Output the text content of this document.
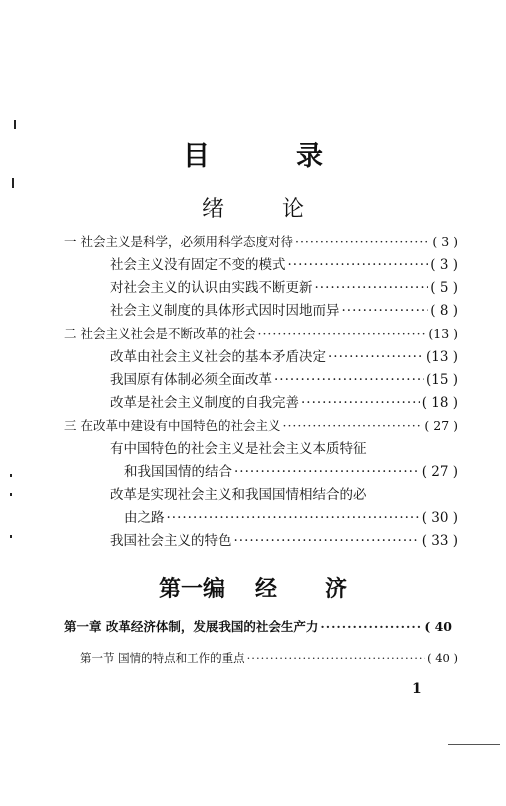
目	录
绪	论
一 社会主义是科学，必须用科学态度对待 ·····	( 3 )
社会主义没有固定不变的模式 ·····	( 3 )
对社会主义的认识由实践不断更新 ·····	( 5 )
社会主义制度的具体形式因时因地而异 ·····	( 8 )
二 社会主义社会是不断改革的社会 ·····	(13 )
改革由社会主义社会的基本矛盾决定 ·····	(13 )
我国原有体制必须全面改革 ·····	(15 )
改革是社会主义制度的自我完善 ·····	( 18 )
三 在改革中建设有中国特色的社会主义 ·····	( 27 )
有中国特色的社会主义是社会主义本质特征
和我国国情的结合 ·····	( 27 )
改革是实现社会主义和我国国情相结合的必
由之路 ·····	( 30 )
我国社会主义的特色 ·····	( 33 )
第一编 经 济
第一章 改革经济体制，发展我国的社会生产力 ·····	( 40
第一节 国情的特点和工作的重点 ·····	( 40 )
1
